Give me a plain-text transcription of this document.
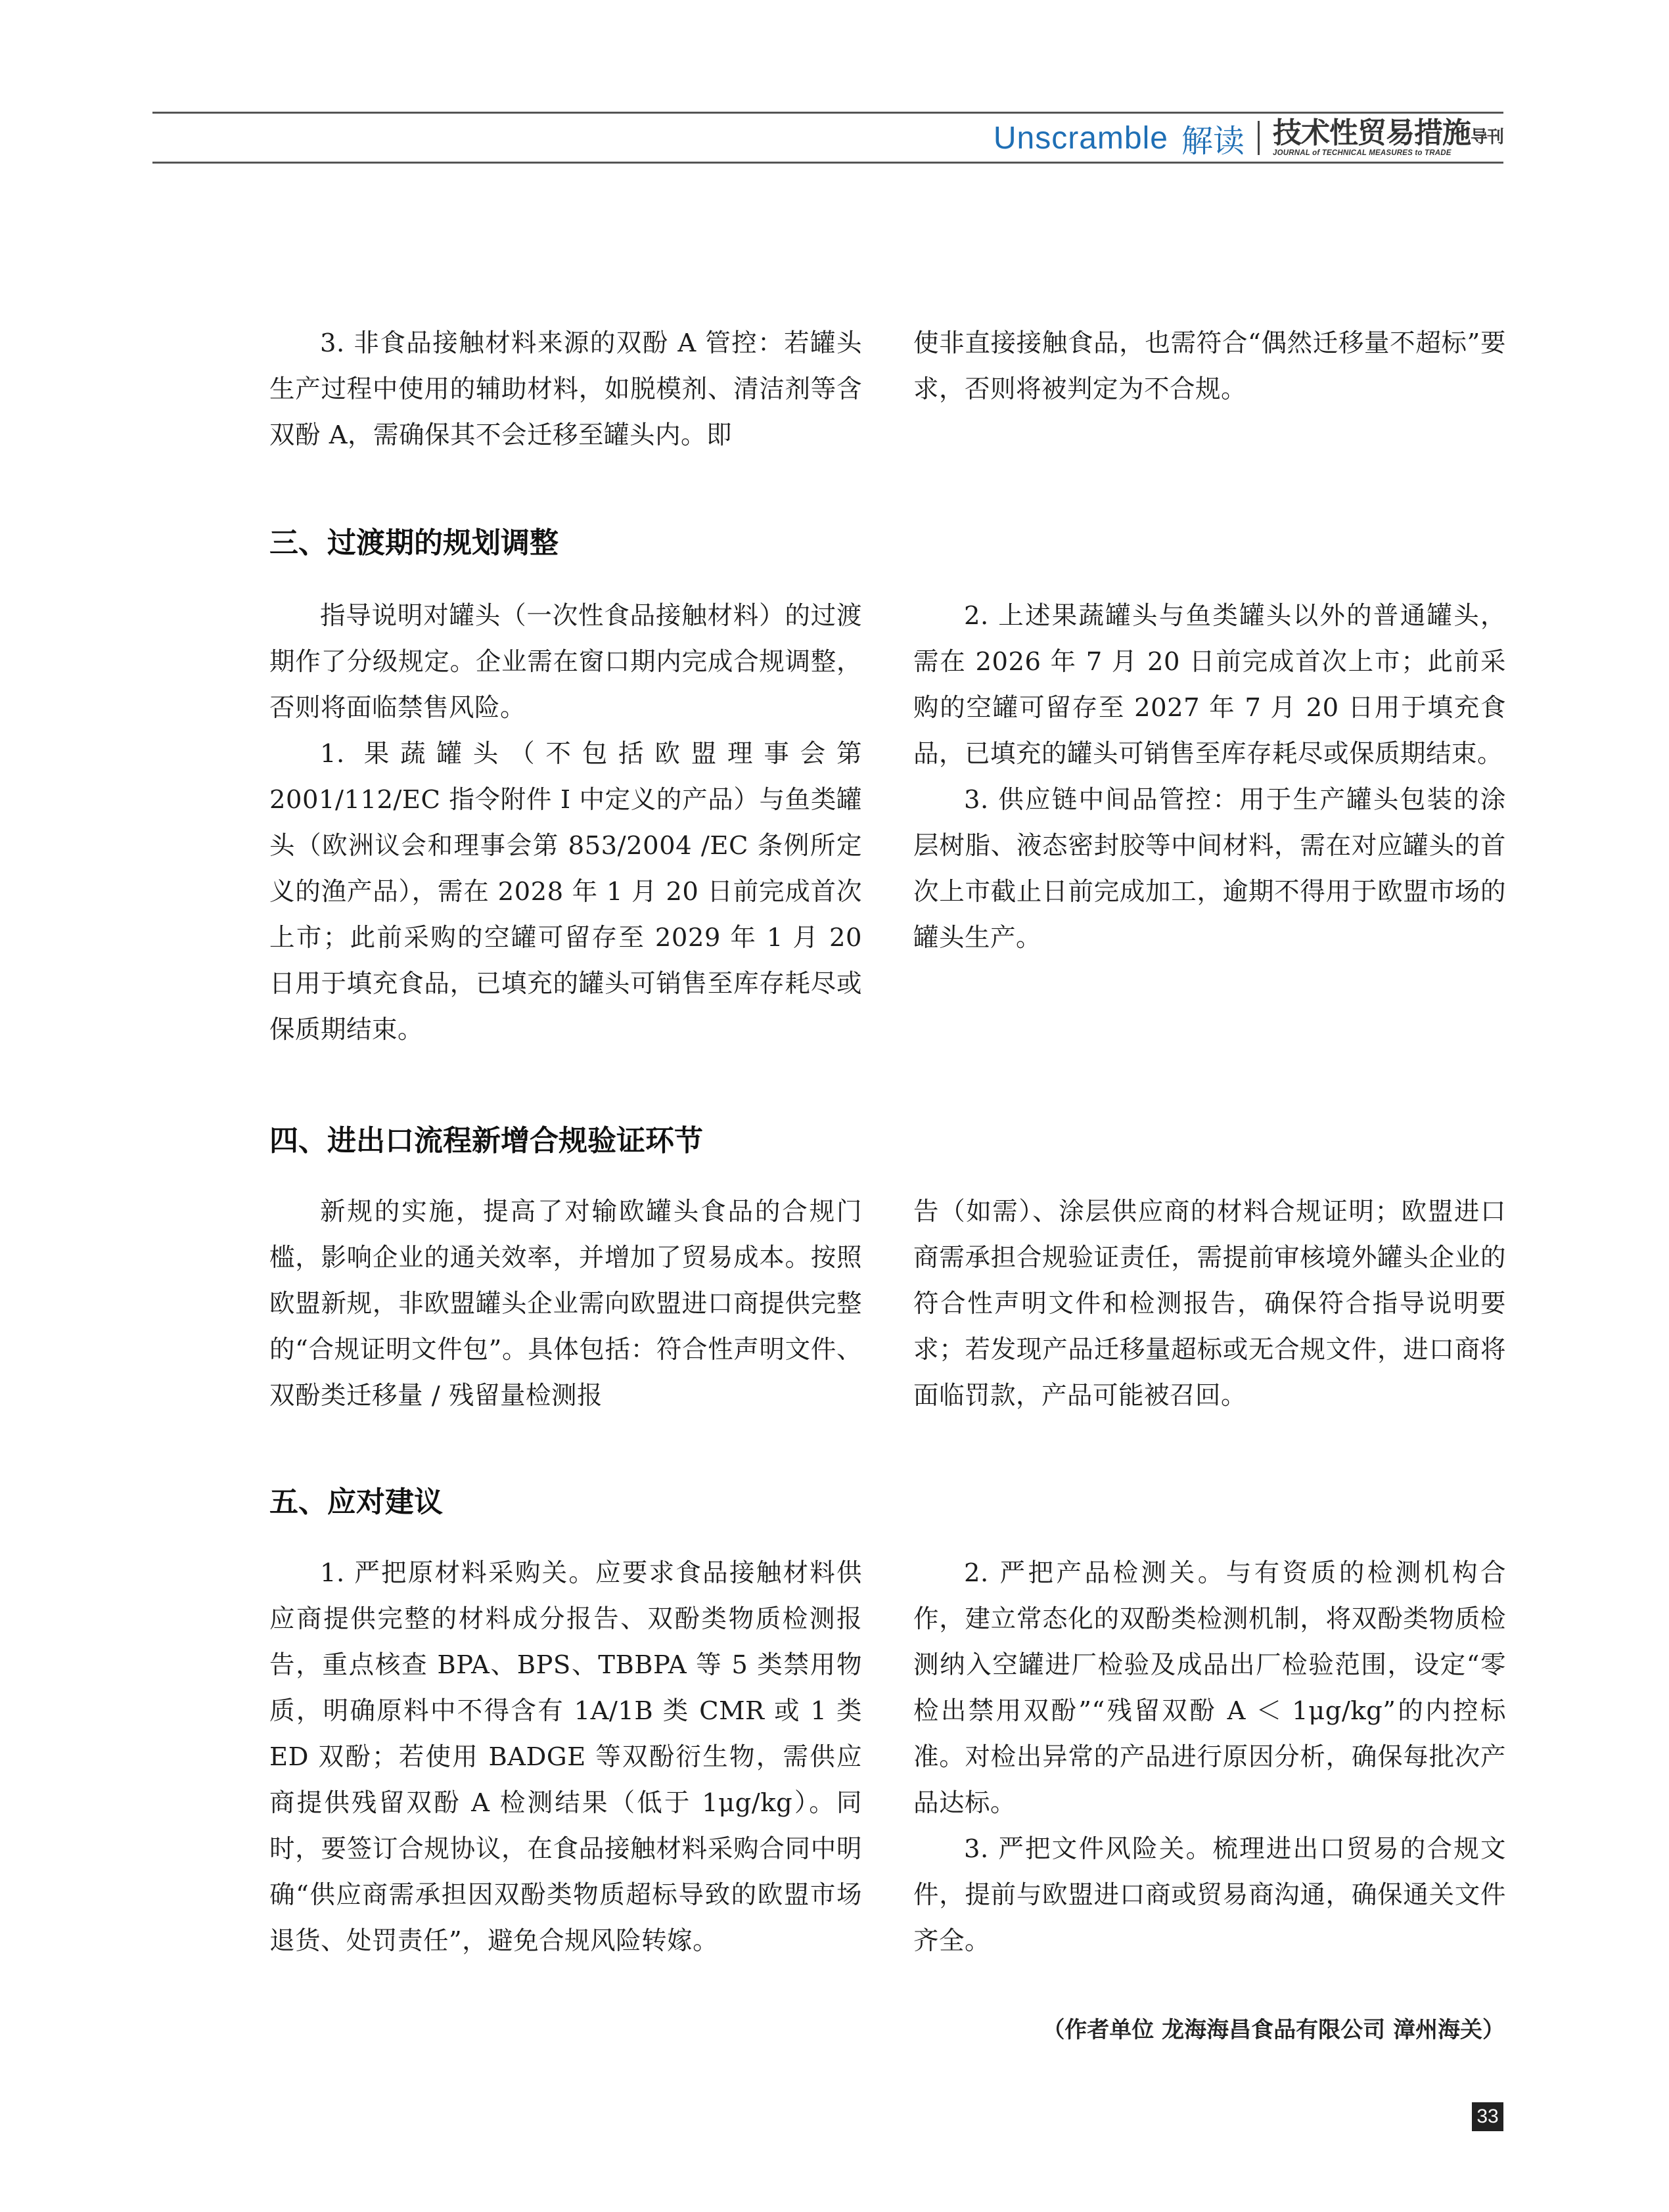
Unscramble 解读 技术性贸易措施导刊
JOURNAL of TECHNICAL MEASURES to TRADE

3. 非食品接触材料来源的双酚 A 管控：若罐头生产过程中使用的辅助材料，如脱模剂、清洁剂等含双酚 A，需确保其不会迁移至罐头内。即

使非直接接触食品，也需符合“偶然迁移量不超标”要求，否则将被判定为不合规。

三、过渡期的规划调整

指导说明对罐头（一次性食品接触材料）的过渡期作了分级规定。企业需在窗口期内完成合规调整，否则将面临禁售风险。

1. 果蔬罐头（不包括欧盟理事会第 2001/112/EC 指令附件 I 中定义的产品）与鱼类罐头（欧洲议会和理事会第 853/2004 /EC 条例所定义的渔产品），需在 2028 年 1 月 20 日前完成首次上市；此前采购的空罐可留存至 2029 年 1 月 20 日用于填充食品，已填充的罐头可销售至库存耗尽或保质期结束。

2. 上述果蔬罐头与鱼类罐头以外的普通罐头，需在 2026 年 7 月 20 日前完成首次上市；此前采购的空罐可留存至 2027 年 7 月 20 日用于填充食品，已填充的罐头可销售至库存耗尽或保质期结束。

3. 供应链中间品管控：用于生产罐头包装的涂层树脂、液态密封胶等中间材料，需在对应罐头的首次上市截止日前完成加工，逾期不得用于欧盟市场的罐头生产。

四、进出口流程新增合规验证环节

新规的实施，提高了对输欧罐头食品的合规门槛，影响企业的通关效率，并增加了贸易成本。按照欧盟新规，非欧盟罐头企业需向欧盟进口商提供完整的“合规证明文件包”。具体包括：符合性声明文件、双酚类迁移量 / 残留量检测报

告（如需）、涂层供应商的材料合规证明；欧盟进口商需承担合规验证责任，需提前审核境外罐头企业的符合性声明文件和检测报告，确保符合指导说明要求；若发现产品迁移量超标或无合规文件，进口商将面临罚款，产品可能被召回。

五、应对建议

1. 严把原材料采购关。应要求食品接触材料供应商提供完整的材料成分报告、双酚类物质检测报告，重点核查 BPA、BPS、TBBPA 等 5 类禁用物质，明确原料中不得含有 1A/1B 类 CMR 或 1 类 ED 双酚；若使用 BADGE 等双酚衍生物，需供应商提供残留双酚 A 检测结果（低于 1μg/kg）。同时，要签订合规协议，在食品接触材料采购合同中明确“供应商需承担因双酚类物质超标导致的欧盟市场退货、处罚责任”，避免合规风险转嫁。

2. 严把产品检测关。与有资质的检测机构合作，建立常态化的双酚类检测机制，将双酚类物质检测纳入空罐进厂检验及成品出厂检验范围，设定“零检出禁用双酚”“残留双酚 A ＜ 1μg/kg”的内控标准。对检出异常的产品进行原因分析，确保每批次产品达标。

3. 严把文件风险关。梳理进出口贸易的合规文件，提前与欧盟进口商或贸易商沟通，确保通关文件齐全。

（作者单位 龙海海昌食品有限公司 漳州海关）
33
